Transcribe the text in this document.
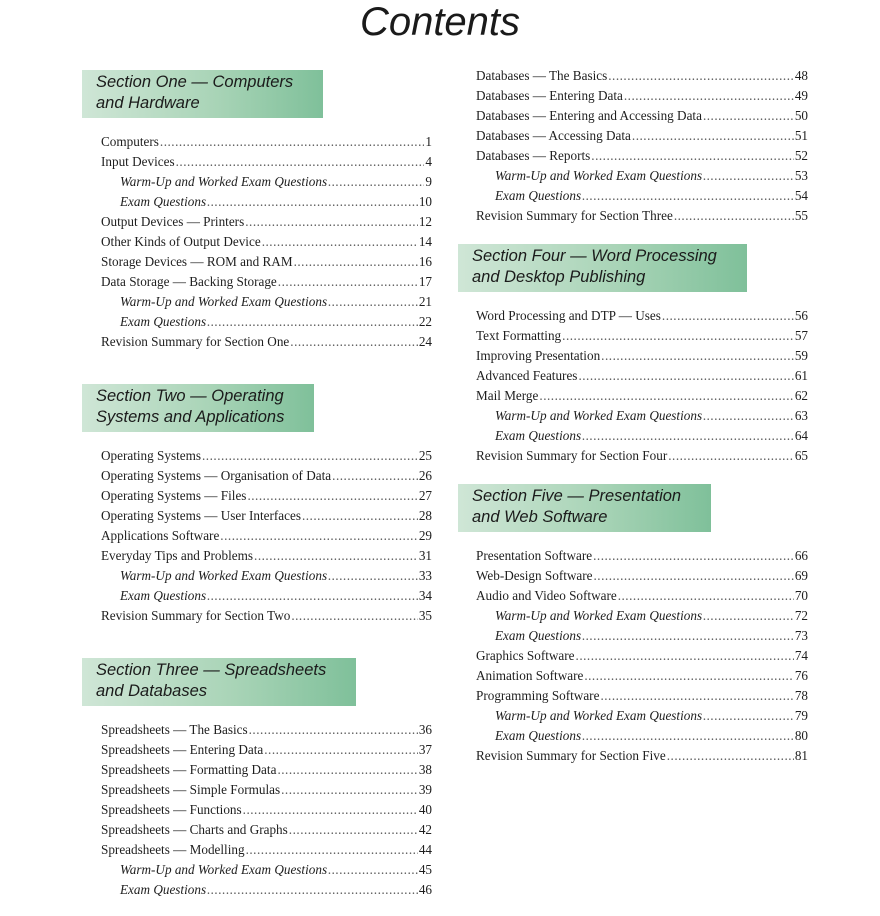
Contents
Section One — Computers
and Hardware
Computers .....	1
Input Devices .....	4
Warm-Up and Worked Exam Questions .....	9
Exam Questions .....	10
Output Devices — Printers .....	12
Other Kinds of Output Device .....	14
Storage Devices — ROM and RAM .....	16
Data Storage — Backing Storage .....	17
Warm-Up and Worked Exam Questions .....	21
Exam Questions .....	22
Revision Summary for Section One .....	24
Section Two — Operating
Systems and Applications
Operating Systems .....	25
Operating Systems — Organisation of Data .....	26
Operating Systems — Files .....	27
Operating Systems — User Interfaces .....	28
Applications Software .....	29
Everyday Tips and Problems .....	31
Warm-Up and Worked Exam Questions .....	33
Exam Questions .....	34
Revision Summary for Section Two .....	35
Section Three — Spreadsheets
and Databases
Spreadsheets — The Basics .....	36
Spreadsheets — Entering Data .....	37
Spreadsheets — Formatting Data .....	38
Spreadsheets — Simple Formulas .....	39
Spreadsheets — Functions .....	40
Spreadsheets — Charts and Graphs .....	42
Spreadsheets — Modelling .....	44
Warm-Up and Worked Exam Questions .....	45
Exam Questions .....	46
Databases — The Basics .....	48
Databases — Entering Data .....	49
Databases — Entering and Accessing Data .....	50
Databases — Accessing Data .....	51
Databases — Reports .....	52
Warm-Up and Worked Exam Questions .....	53
Exam Questions .....	54
Revision Summary for Section Three .....	55
Section Four — Word Processing
and Desktop Publishing
Word Processing and DTP — Uses .....	56
Text Formatting .....	57
Improving Presentation .....	59
Advanced Features .....	61
Mail Merge .....	62
Warm-Up and Worked Exam Questions .....	63
Exam Questions .....	64
Revision Summary for Section Four .....	65
Section Five — Presentation
and Web Software
Presentation Software .....	66
Web-Design Software .....	69
Audio and Video Software .....	70
Warm-Up and Worked Exam Questions .....	72
Exam Questions .....	73
Graphics Software .....	74
Animation Software .....	76
Programming Software .....	78
Warm-Up and Worked Exam Questions .....	79
Exam Questions .....	80
Revision Summary for Section Five .....	81
